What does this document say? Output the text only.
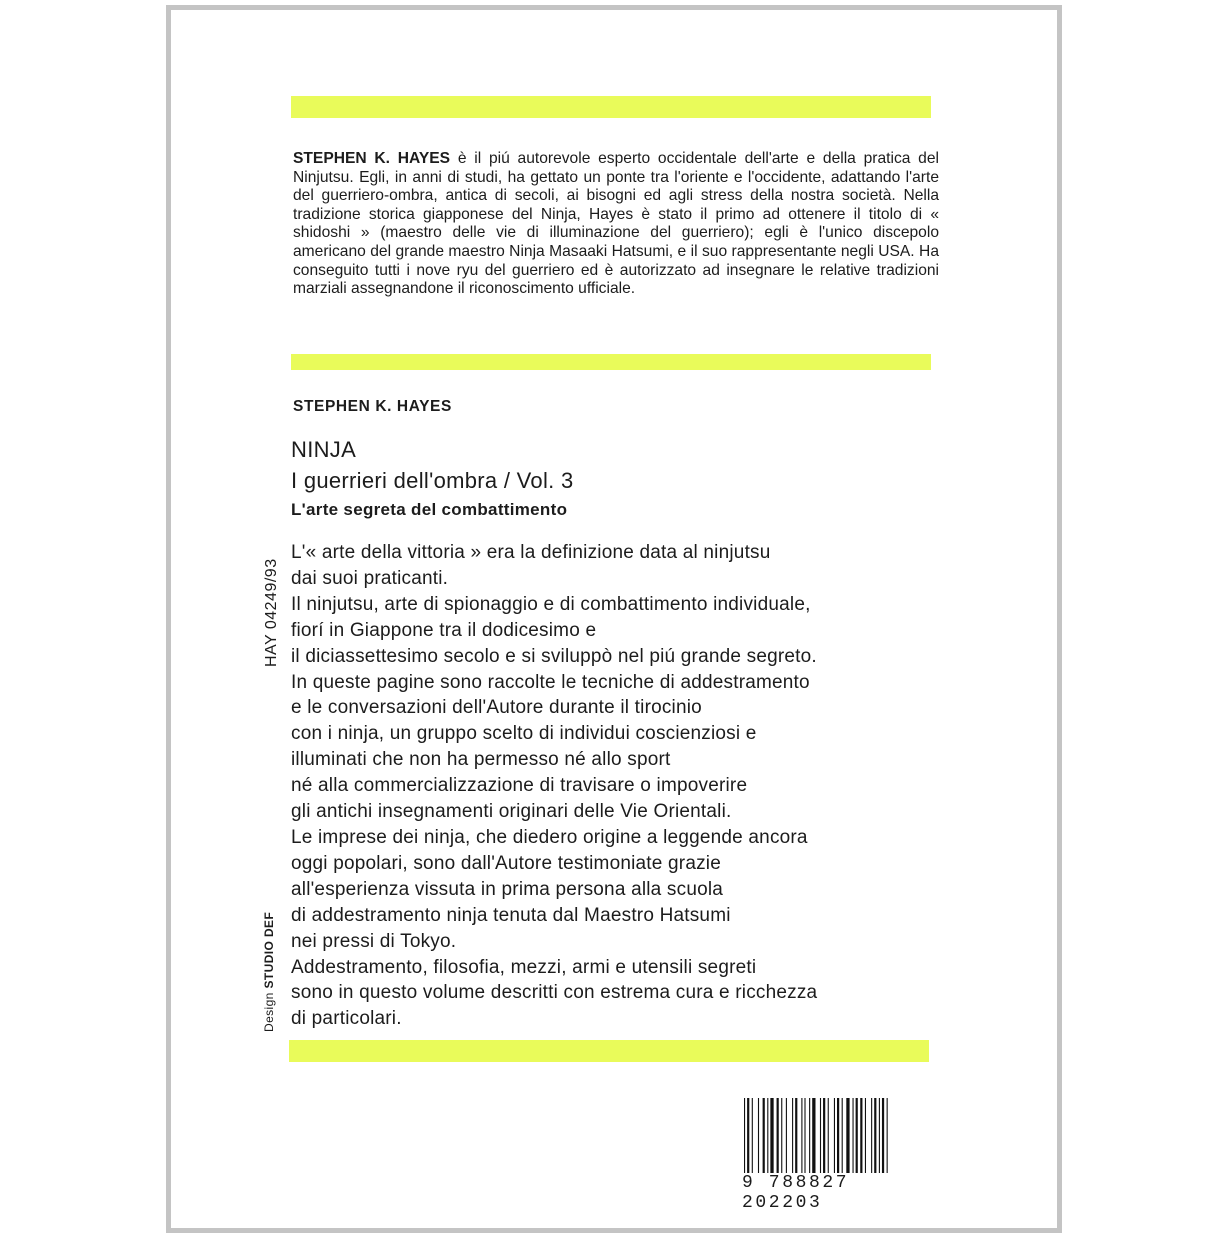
STEPHEN K. HAYES è il piú autorevole esperto occidentale dell'arte e della pratica del Ninjutsu. Egli, in anni di studi, ha gettato un ponte tra l'oriente e l'occidente, adattando l'arte del guerriero-ombra, antica di secoli, ai bisogni ed agli stress della nostra società. Nella tradizione storica giapponese del Ninja, Hayes è stato il primo ad ottenere il titolo di « shidoshi » (maestro delle vie di illuminazione del guerriero); egli è l'unico discepolo americano del grande maestro Ninja Masaaki Hatsumi, e il suo rappresentante negli USA. Ha conseguito tutti i nove ryu del guerriero ed è autorizzato ad insegnare le relative tradizioni marziali assegnandone il riconoscimento ufficiale.

STEPHEN K. HAYES

NINJA
I guerrieri dell'ombra / Vol. 3
L'arte segreta del combattimento
L'« arte della vittoria » era la definizione data al ninjutsu
dai suoi praticanti.
Il ninjutsu, arte di spionaggio e di combattimento individuale,
fiorí in Giappone tra il dodicesimo e
il diciassettesimo secolo e si sviluppò nel piú grande segreto.
In queste pagine sono raccolte le tecniche di addestramento
e le conversazioni dell'Autore durante il tirocinio
con i ninja, un gruppo scelto di individui coscienziosi e
illuminati che non ha permesso né allo sport
né alla commercializzazione di travisare o impoverire
gli antichi insegnamenti originari delle Vie Orientali.
Le imprese dei ninja, che diedero origine a leggende ancora
oggi popolari, sono dall'Autore testimoniate grazie
all'esperienza vissuta in prima persona alla scuola
di addestramento ninja tenuta dal Maestro Hatsumi
nei pressi di Tokyo.
Addestramento, filosofia, mezzi, armi e utensili segreti
sono in questo volume descritti con estrema cura e ricchezza
di particolari.

HAY 04249/93

Design STUDIO DEF

9 788827 202203
